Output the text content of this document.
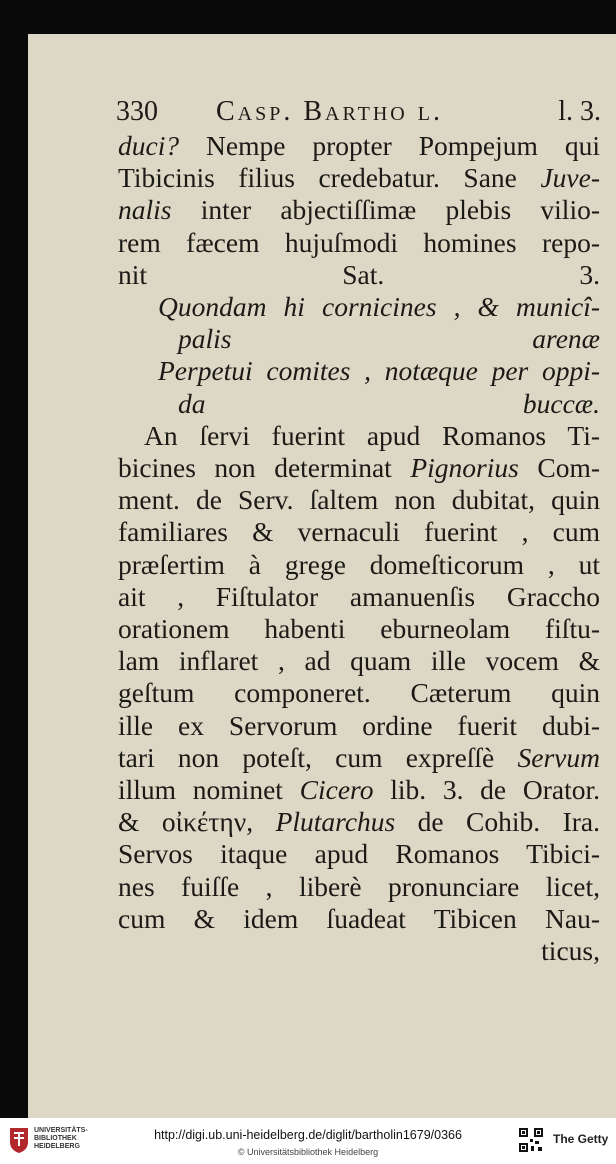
330 Casp. Bartho l.	l. 3.
duci? Nempe propter Pompejum qui
Tibicinis filius credebatur. Sane Juve-
nalis inter abjectiſſimæ plebis vilio-
rem fæcem hujuſmodi homines repo-
nit Sat. 3.
Quondam hi cornicines , & municî-
palis arenæ
Perpetui comites , notæque per oppi-
da buccæ.
An ſervi fuerint apud Romanos Ti-
bicines non determinat Pignorius Com-
ment. de Serv. ſaltem non dubitat, quin
familiares & vernaculi fuerint , cum
præſertim à grege domeſticorum , ut
ait , Fiſtulator amanuenſis Graccho
orationem habenti eburneolam fiſtu-
lam inflaret , ad quam ille vocem &
geſtum componeret. Cæterum quin
ille ex Servorum ordine fuerit dubi-
tari non poteſt, cum expreſſè Servum
illum nominet Cicero lib. 3. de Orator.
& οἰκέτην, Plutarchus de Cohib. Ira.
Servos itaque apud Romanos Tibici-
nes fuiſſe , liberè pronunciare licet,
cum & idem ſuadeat Tibicen Nau-
ticus,
UNIVERSITÄTS-
BIBLIOTHEK
HEIDELBERG
http://digi.ub.uni-heidelberg.de/diglit/bartholin1679/0366
© Universitätsbibliothek Heidelberg
The Getty
